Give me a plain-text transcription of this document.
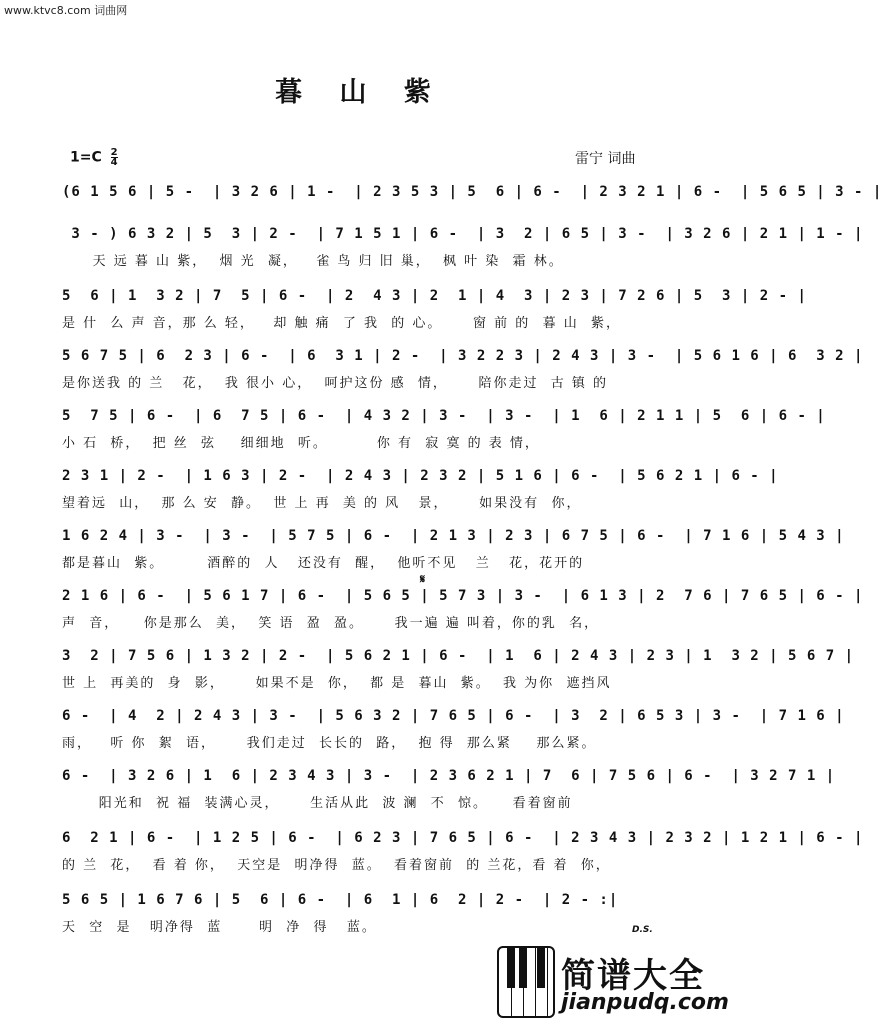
www.ktvc8.com 词曲网
暮 山 紫
$1=C \frac{2}{4}$	雷宁 词曲
(6 1 5 6 | 5 -  | 3 2 6 | 1 -  | 2 3 5 3 | 5  6 | 6 -  | 2 3 2 1 | 6 -  | 5 6 5 | 3 - |
3 - ) 6 3 2 | 5  3 | 2 -  | 7 1 5 1 | 6 -  | 3  2 | 6 5 | 3 -  | 3 2 6 | 2 1 | 1 - |
天 远 暮 山 紫，  烟 光  凝，   雀 鸟 归 旧 巢，  枫 叶 染  霜 林。
5  6 | 1  3 2 | 7  5 | 6 -  | 2  4 3 | 2  1 | 4  3 | 2 3 | 7 2 6 | 5  3 | 2 - |
是 什  么 声 音，那 么 轻，   却 触 痛  了 我  的 心。     窗 前 的  暮 山  紫，
5 6 7 5 | 6  2 3 | 6 -  | 6  3 1 | 2 -  | 3 2 2 3 | 2 4 3 | 3 -  | 5 6 1 6 | 6  3 2 |
是你送我 的 兰   花，  我 很小 心，  呵护这份 感  情，     陪你走过  古 镇 的
5  7 5 | 6 -  | 6  7 5 | 6 -  | 4 3 2 | 3 -  | 3 -  | 1  6 | 2 1 1 | 5  6 | 6 - |
小 石  桥，  把 丝  弦    细细地  听。        你 有  寂 寞 的 表 情，
2 3 1 | 2 -  | 1 6 3 | 2 -  | 2 4 3 | 2 3 2 | 5 1 6 | 6 -  | 5 6 2 1 | 6 - |
望着远  山，  那 么 安  静。  世 上 再  美 的 风   景，     如果没有  你，
1 6 2 4 | 3 -  | 3 -  | 5 7 5 | 6 -  | 2 1 3 | 2 3 | 6 7 5 | 6 -  | 7 1 6 | 5 4 3 |
都是暮山  紫。       酒醉的  人   还没有  醒，  他听不见   兰   花，花开的
2 1 6 | 6 -  | 5 6 1 7 | 6 -  | 5 6 5 | 5 7 3 | 3 -  | 6 1 3 | 2  7 6 | 7 6 5 | 6 - |
声  音，    你是那么  美，  笑 语  盈  盈。     我一遍 遍 叫着，你的乳  名，
3  2 | 7 5 6 | 1 3 2 | 2 -  | 5 6 2 1 | 6 -  | 1  6 | 2 4 3 | 2 3 | 1  3 2 | 5 6 7 |
世 上  再美的  身  影，     如果不是  你，  都 是  暮山  紫。  我 为你  遮挡风
6 -  | 4  2 | 2 4 3 | 3 -  | 5 6 3 2 | 7 6 5 | 6 -  | 3  2 | 6 5 3 | 3 -  | 7 1 6 |
雨，   听 你  絮  语，     我们走过  长长的  路，  抱 得  那么紧    那么紧。
6 -  | 3 2 6 | 1  6 | 2 3 4 3 | 3 -  | 2 3 6 2 1 | 7  6 | 7 5 6 | 6 -  | 3 2 7 1 |
阳光和  祝 福  装满心灵，     生活从此  波 澜  不  惊。    看着窗前
6  2 1 | 6 -  | 1 2 5 | 6 -  | 6 2 3 | 7 6 5 | 6 -  | 2 3 4 3 | 2 3 2 | 1 2 1 | 6 - |
的 兰  花，  看 着 你，  天空是  明净得  蓝。  看着窗前  的 兰花，看 着  你，
5 6 5 | 1 6 7 6 | 5  6 | 6 -  | 6  1 | 6  2 | 2 -  | 2 - :|
天  空  是   明净得  蓝      明  净  得   蓝。
𝄋
D.S.
简谱大全
jianpudq.com
